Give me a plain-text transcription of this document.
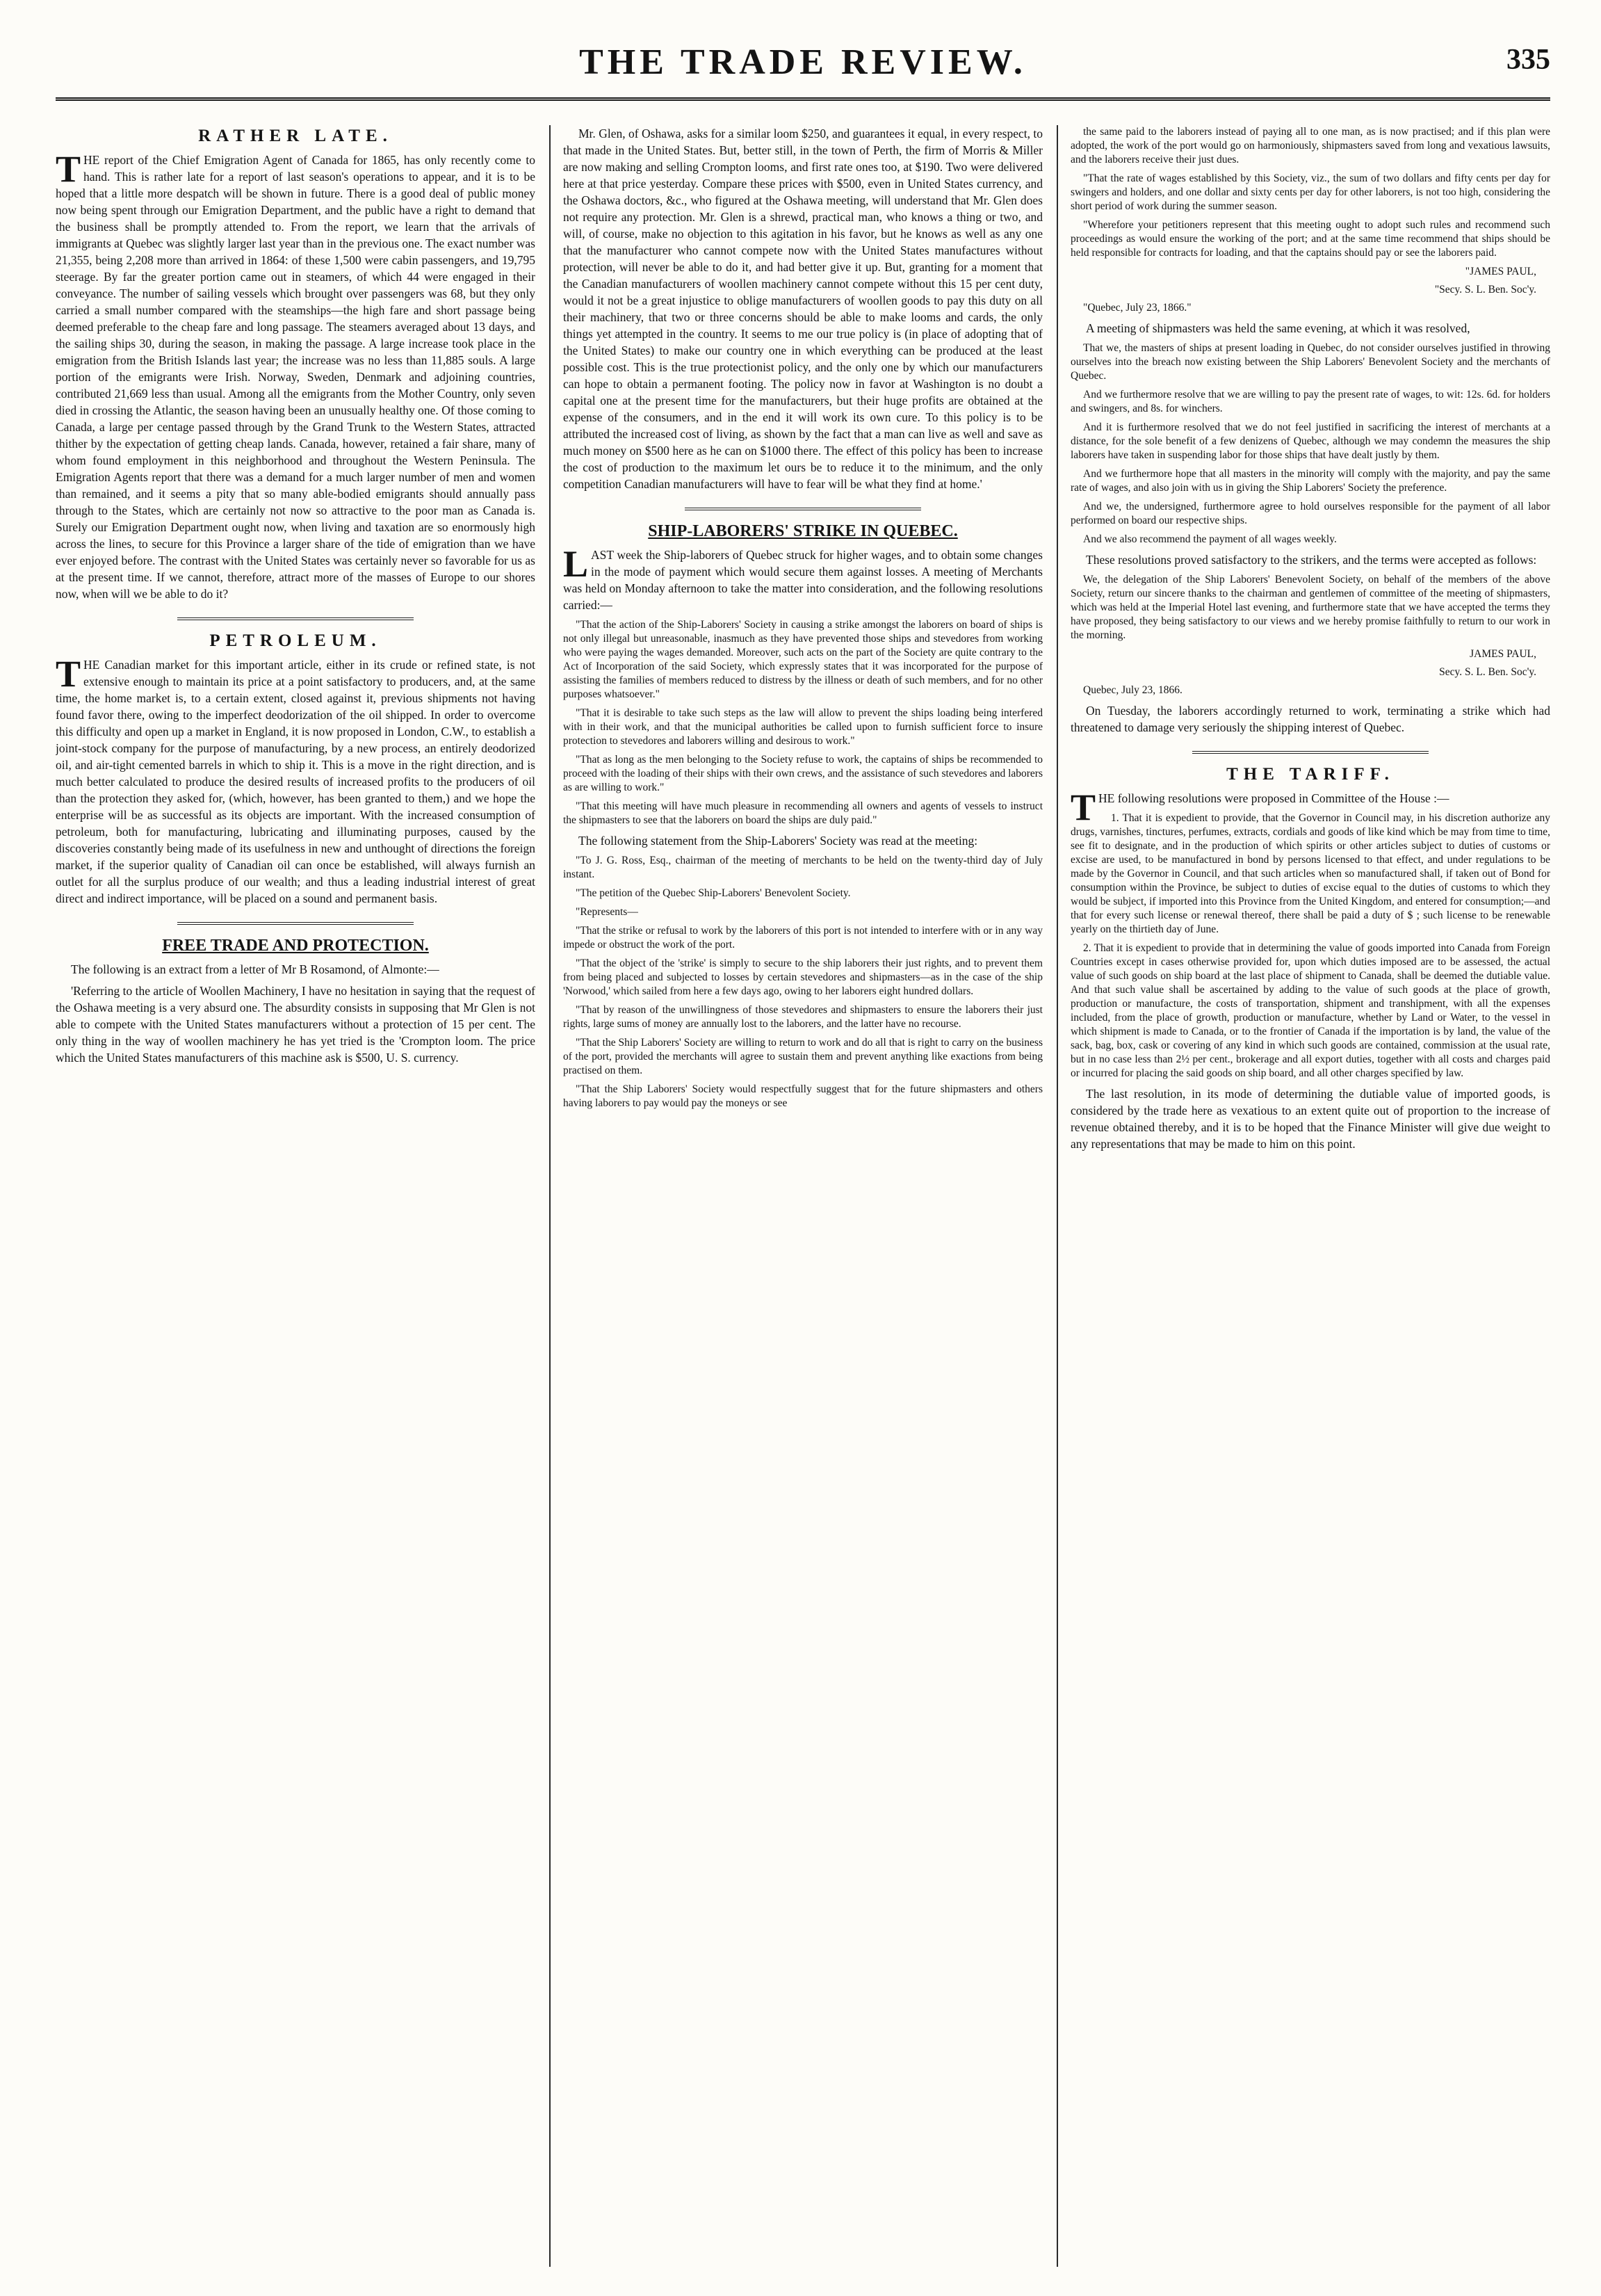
THE TRADE REVIEW.	335
RATHER LATE.

THE report of the Chief Emigration Agent of Canada for 1865, has only recently come to hand. This is rather late for a report of last season's operations to appear, and it is to be hoped that a little more despatch will be shown in future. There is a good deal of public money now being spent through our Emigration Department, and the public have a right to demand that the business shall be promptly attended to. From the report, we learn that the arrivals of immigrants at Quebec was slightly larger last year than in the previous one. The exact number was 21,355, being 2,208 more than arrived in 1864: of these 1,500 were cabin passengers, and 19,795 steerage. By far the greater portion came out in steamers, of which 44 were engaged in their conveyance. The number of sailing vessels which brought over passengers was 68, but they only carried a small number compared with the steamships—the high fare and short passage being deemed preferable to the cheap fare and long passage. The steamers averaged about 13 days, and the sailing ships 30, during the season, in making the passage. A large increase took place in the emigration from the British Islands last year; the increase was no less than 11,885 souls. A large portion of the emigrants were Irish. Norway, Sweden, Denmark and adjoining countries, contributed 21,669 less than usual. Among all the emigrants from the Mother Country, only seven died in crossing the Atlantic, the season having been an unusually healthy one. Of those coming to Canada, a large per centage passed through by the Grand Trunk to the Western States, attracted thither by the expectation of getting cheap lands. Canada, however, retained a fair share, many of whom found employment in this neighborhood and throughout the Western Peninsula. The Emigration Agents report that there was a demand for a much larger number of men and women than remained, and it seems a pity that so many able-bodied emigrants should annually pass through to the States, which are certainly not now so attractive to the poor man as Canada is. Surely our Emigration Department ought now, when living and taxation are so enormously high across the lines, to secure for this Province a larger share of the tide of emigration than we have ever enjoyed before. The contrast with the United States was certainly never so favorable for us as at the present time. If we cannot, therefore, attract more of the masses of Europe to our shores now, when will we be able to do it?

PETROLEUM.

THE Canadian market for this important article, either in its crude or refined state, is not extensive enough to maintain its price at a point satisfactory to producers, and, at the same time, the home market is, to a certain extent, closed against it, previous shipments not having found favor there, owing to the imperfect deodorization of the oil shipped. In order to overcome this difficulty and open up a market in England, it is now proposed in London, C.W., to establish a joint-stock company for the purpose of manufacturing, by a new process, an entirely deodorized oil, and air-tight cemented barrels in which to ship it. This is a move in the right direction, and is much better calculated to produce the desired results of increased profits to the producers of oil than the protection they asked for, (which, however, has been granted to them,) and we hope the enterprise will be as successful as its objects are important. With the increased consumption of petroleum, both for manufacturing, lubricating and illuminating purposes, caused by the discoveries constantly being made of its usefulness in new and unthought of directions the foreign market, if the superior quality of Canadian oil can once be established, will always furnish an outlet for all the surplus produce of our wealth; and thus a leading industrial interest of great direct and indirect importance, will be placed on a sound and permanent basis.

FREE TRADE AND PROTECTION.

The following is an extract from a letter of Mr B Rosamond, of Almonte:—

'Referring to the article of Woollen Machinery, I have no hesitation in saying that the request of the Oshawa meeting is a very absurd one. The absurdity consists in supposing that Mr Glen is not able to compete with the United States manufacturers without a protection of 15 per cent. The only thing in the way of woollen machinery he has yet tried is the 'Crompton loom. The price which the United States manufacturers of this machine ask is $500, U. S. currency.

Mr. Glen, of Oshawa, asks for a similar loom $250, and guarantees it equal, in every respect, to that made in the United States. But, better still, in the town of Perth, the firm of Morris & Miller are now making and selling Crompton looms, and first rate ones too, at $190. Two were delivered here at that price yesterday. Compare these prices with $500, even in United States currency, and the Oshawa doctors, &c., who figured at the Oshawa meeting, will understand that Mr. Glen does not require any protection. Mr. Glen is a shrewd, practical man, who knows a thing or two, and will, of course, make no objection to this agitation in his favor, but he knows as well as any one that the manufacturer who cannot compete now with the United States manufactures without protection, will never be able to do it, and had better give it up. But, granting for a moment that the Canadian manufacturers of woollen machinery cannot compete without this 15 per cent duty, would it not be a great injustice to oblige manufacturers of woollen goods to pay this duty on all their machinery, that two or three concerns should be able to make looms and cards, the only things yet attempted in the country. It seems to me our true policy is (in place of adopting that of the United States) to make our country one in which everything can be produced at the least possible cost. This is the true protectionist policy, and the only one by which our manufacturers can hope to obtain a permanent footing. The policy now in favor at Washington is no doubt a capital one at the present time for the manufacturers, but their huge profits are obtained at the expense of the consumers, and in the end it will work its own cure. To this policy is to be attributed the increased cost of living, as shown by the fact that a man can live as well and save as much money on $500 here as he can on $1000 there. The effect of this policy has been to increase the cost of production to the maximum let ours be to reduce it to the minimum, and the only competition Canadian manufacturers will have to fear will be what they find at home.'

SHIP-LABORERS' STRIKE IN QUEBEC.

LAST week the Ship-laborers of Quebec struck for higher wages, and to obtain some changes in the mode of payment which would secure them against losses. A meeting of Merchants was held on Monday afternoon to take the matter into consideration, and the following resolutions carried:—

"That the action of the Ship-Laborers' Society in causing a strike amongst the laborers on board of ships is not only illegal but unreasonable, inasmuch as they have prevented those ships and stevedores from working who were paying the wages demanded. Moreover, such acts on the part of the Society are quite contrary to the Act of Incorporation of the said Society, which expressly states that it was incorporated for the purpose of assisting the families of members reduced to distress by the illness or death of such members, and for no other purposes whatsoever."

"That it is desirable to take such steps as the law will allow to prevent the ships loading being interfered with in their work, and that the municipal authorities be called upon to furnish sufficient force to insure protection to stevedores and laborers willing and desirous to work."

"That as long as the men belonging to the Society refuse to work, the captains of ships be recommended to proceed with the loading of their ships with their own crews, and the assistance of such stevedores and laborers as are willing to work."

"That this meeting will have much pleasure in recommending all owners and agents of vessels to instruct the shipmasters to see that the laborers on board the ships are duly paid."

The following statement from the Ship-Laborers' Society was read at the meeting:

"To J. G. Ross, Esq., chairman of the meeting of merchants to be held on the twenty-third day of July instant.

"The petition of the Quebec Ship-Laborers' Benevolent Society.

"Represents—

"That the strike or refusal to work by the laborers of this port is not intended to interfere with or in any way impede or obstruct the work of the port.

"That the object of the 'strike' is simply to secure to the ship laborers their just rights, and to prevent them from being placed and subjected to losses by certain stevedores and shipmasters—as in the case of the ship 'Norwood,' which sailed from here a few days ago, owing to her laborers eight hundred dollars.

"That by reason of the unwillingness of those stevedores and shipmasters to ensure the laborers their just rights, large sums of money are annually lost to the laborers, and the latter have no recourse.

"That the Ship Laborers' Society are willing to return to work and do all that is right to carry on the business of the port, provided the merchants will agree to sustain them and prevent anything like exactions from being practised on them.

"That the Ship Laborers' Society would respectfully suggest that for the future shipmasters and others having laborers to pay would pay the moneys or see

the same paid to the laborers instead of paying all to one man, as is now practised; and if this plan were adopted, the work of the port would go on harmoniously, shipmasters saved from long and vexatious lawsuits, and the laborers receive their just dues.

"That the rate of wages established by this Society, viz., the sum of two dollars and fifty cents per day for swingers and holders, and one dollar and sixty cents per day for other laborers, is not too high, considering the short period of work during the summer season.

"Wherefore your petitioners represent that this meeting ought to adopt such rules and recommend such proceedings as would ensure the working of the port; and at the same time recommend that ships should be held responsible for contracts for loading, and that the captains should pay or see the laborers paid.

"JAMES PAUL,

"Secy. S. L. Ben. Soc'y.

"Quebec, July 23, 1866."

A meeting of shipmasters was held the same evening, at which it was resolved,

That we, the masters of ships at present loading in Quebec, do not consider ourselves justified in throwing ourselves into the breach now existing between the Ship Laborers' Benevolent Society and the merchants of Quebec.

And we furthermore resolve that we are willing to pay the present rate of wages, to wit: 12s. 6d. for holders and swingers, and 8s. for winchers.

And it is furthermore resolved that we do not feel justified in sacrificing the interest of merchants at a distance, for the sole benefit of a few denizens of Quebec, although we may condemn the measures the ship laborers have taken in suspending labor for those ships that have dealt justly by them.

And we furthermore hope that all masters in the minority will comply with the majority, and pay the same rate of wages, and also join with us in giving the Ship Laborers' Society the preference.

And we, the undersigned, furthermore agree to hold ourselves responsible for the payment of all labor performed on board our respective ships.

And we also recommend the payment of all wages weekly.

These resolutions proved satisfactory to the strikers, and the terms were accepted as follows:

We, the delegation of the Ship Laborers' Benevolent Society, on behalf of the members of the above Society, return our sincere thanks to the chairman and gentlemen of committee of the meeting of shipmasters, which was held at the Imperial Hotel last evening, and furthermore state that we have accepted the terms they have proposed, they being satisfactory to our views and we hereby promise faithfully to return to our work in the morning.

JAMES PAUL,

Secy. S. L. Ben. Soc'y.

Quebec, July 23, 1866.

On Tuesday, the laborers accordingly returned to work, terminating a strike which had threatened to damage very seriously the shipping interest of Quebec.

THE TARIFF.

THE following resolutions were proposed in Committee of the House :—

1. That it is expedient to provide, that the Governor in Council may, in his discretion authorize any drugs, varnishes, tinctures, perfumes, extracts, cordials and goods of like kind which be may from time to time, see fit to designate, and in the production of which spirits or other articles subject to duties of customs or excise are used, to be manufactured in bond by persons licensed to that effect, and under regulations to be made by the Governor in Council, and that such articles when so manufactured shall, if taken out of Bond for consumption within the Province, be subject to duties of excise equal to the duties of customs to which they would be subject, if imported into this Province from the United Kingdom, and entered for consumption;—and that for every such license or renewal thereof, there shall be paid a duty of $ ; such license to be renewable yearly on the thirtieth day of June.

2. That it is expedient to provide that in determining the value of goods imported into Canada from Foreign Countries except in cases otherwise provided for, upon which duties imposed are to be assessed, the actual value of such goods on ship board at the last place of shipment to Canada, shall be deemed the dutiable value. And that such value shall be ascertained by adding to the value of such goods at the place of growth, production or manufacture, the costs of transportation, shipment and transhipment, with all the expenses included, from the place of growth, production or manufacture, whether by Land or Water, to the vessel in which shipment is made to Canada, or to the frontier of Canada if the importation is by land, the value of the sack, bag, box, cask or covering of any kind in which such goods are contained, commission at the usual rate, but in no case less than 2½ per cent., brokerage and all export duties, together with all costs and charges paid or incurred for placing the said goods on ship board, and all other charges specified by law.

The last resolution, in its mode of determining the dutiable value of imported goods, is considered by the trade here as vexatious to an extent quite out of proportion to the increase of revenue obtained thereby, and it is to be hoped that the Finance Minister will give due weight to any representations that may be made to him on this point.
